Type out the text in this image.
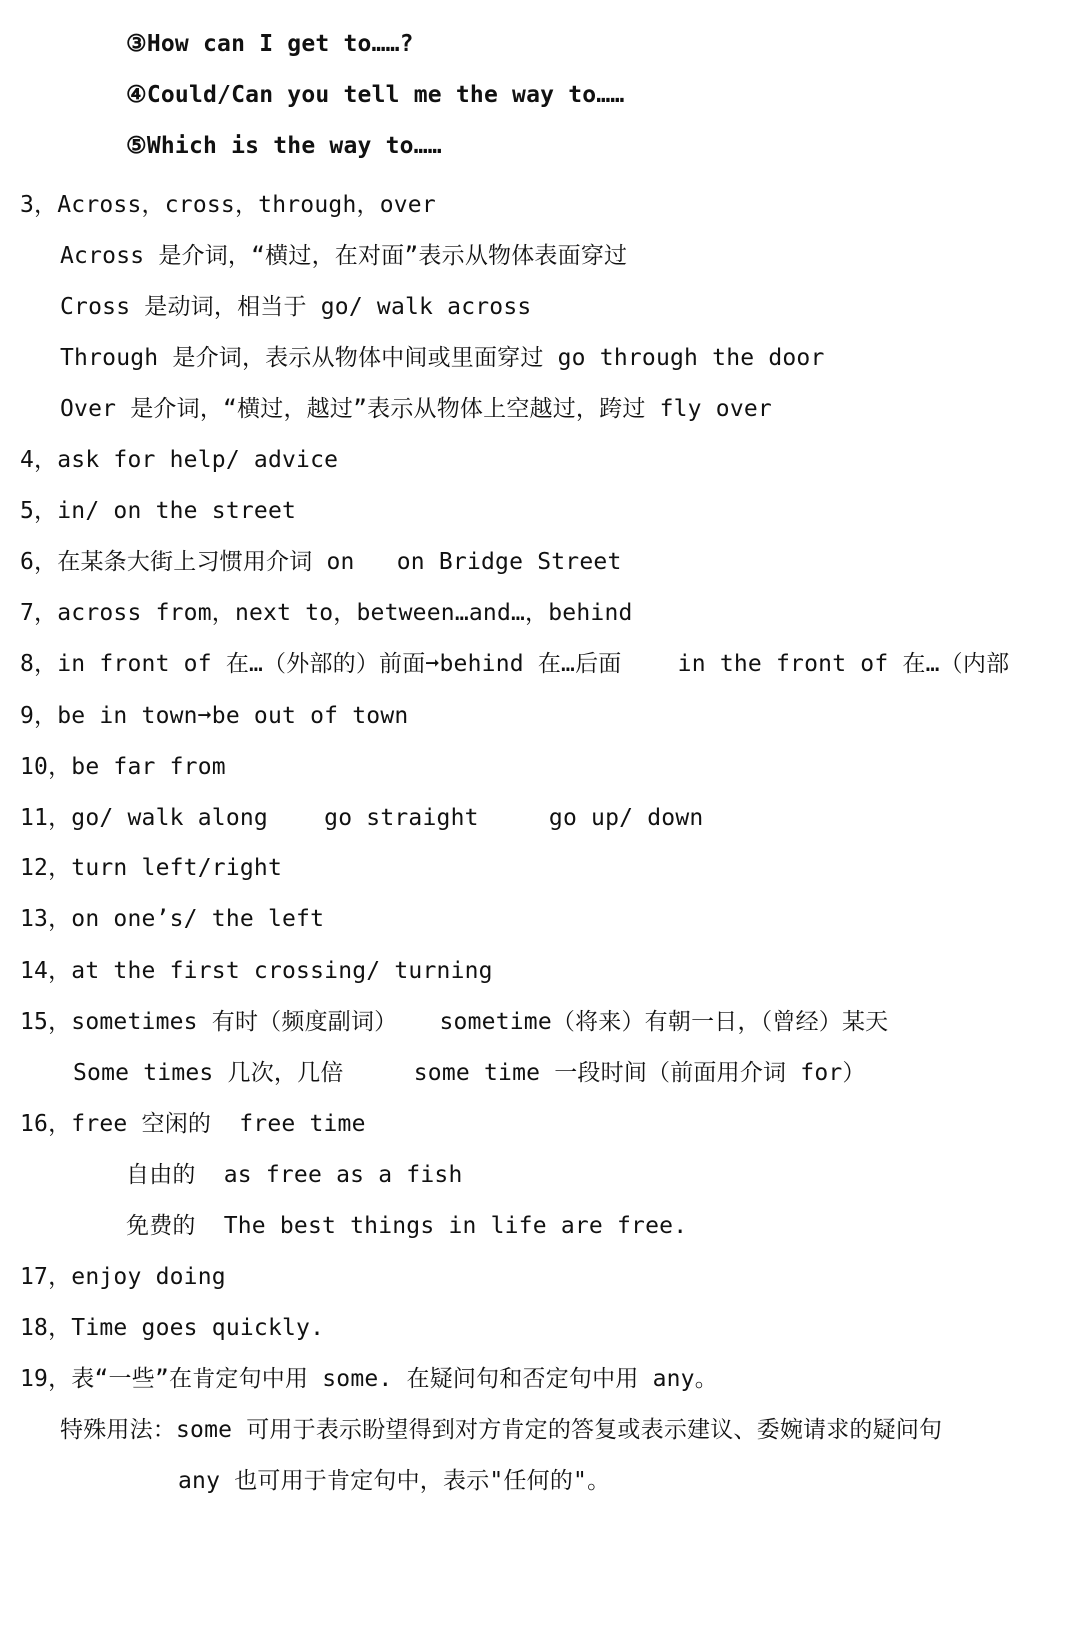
③How can I get to……?
④Could/Can you tell me the way to……
⑤Which is the way to……
3，Across，cross，through，over
Across 是介词，“横过，在对面”表示从物体表面穿过
Cross 是动词，相当于 go/ walk across
Through 是介词，表示从物体中间或里面穿过 go through the door
Over 是介词，“横过，越过”表示从物体上空越过，跨过 fly over
4，ask for help/ advice
5，in/ on the street
6，在某条大街上习惯用介词 on   on Bridge Street
7，across from，next to，between…and…，behind
8，in front of 在…（外部的）前面➞behind 在…后面    in the front of 在…（内部
9，be in town➞be out of town
10，be far from
11，go/ walk along    go straight     go up/ down
12，turn left/right
13，on one’s/ the left
14，at the first crossing/ turning
15，sometimes 有时（频度副词）   sometime（将来）有朝一日，（曾经）某天
Some times 几次，几倍     some time 一段时间（前面用介词 for）
16，free 空闲的  free time
自由的  as free as a fish
免费的  The best things in life are free.
17，enjoy doing
18，Time goes quickly.
19，表“一些”在肯定句中用 some. 在疑问句和否定句中用 any。
特殊用法：some 可用于表示盼望得到对方肯定的答复或表示建议、委婉请求的疑问句
any 也可用于肯定句中，表示"任何的"。
